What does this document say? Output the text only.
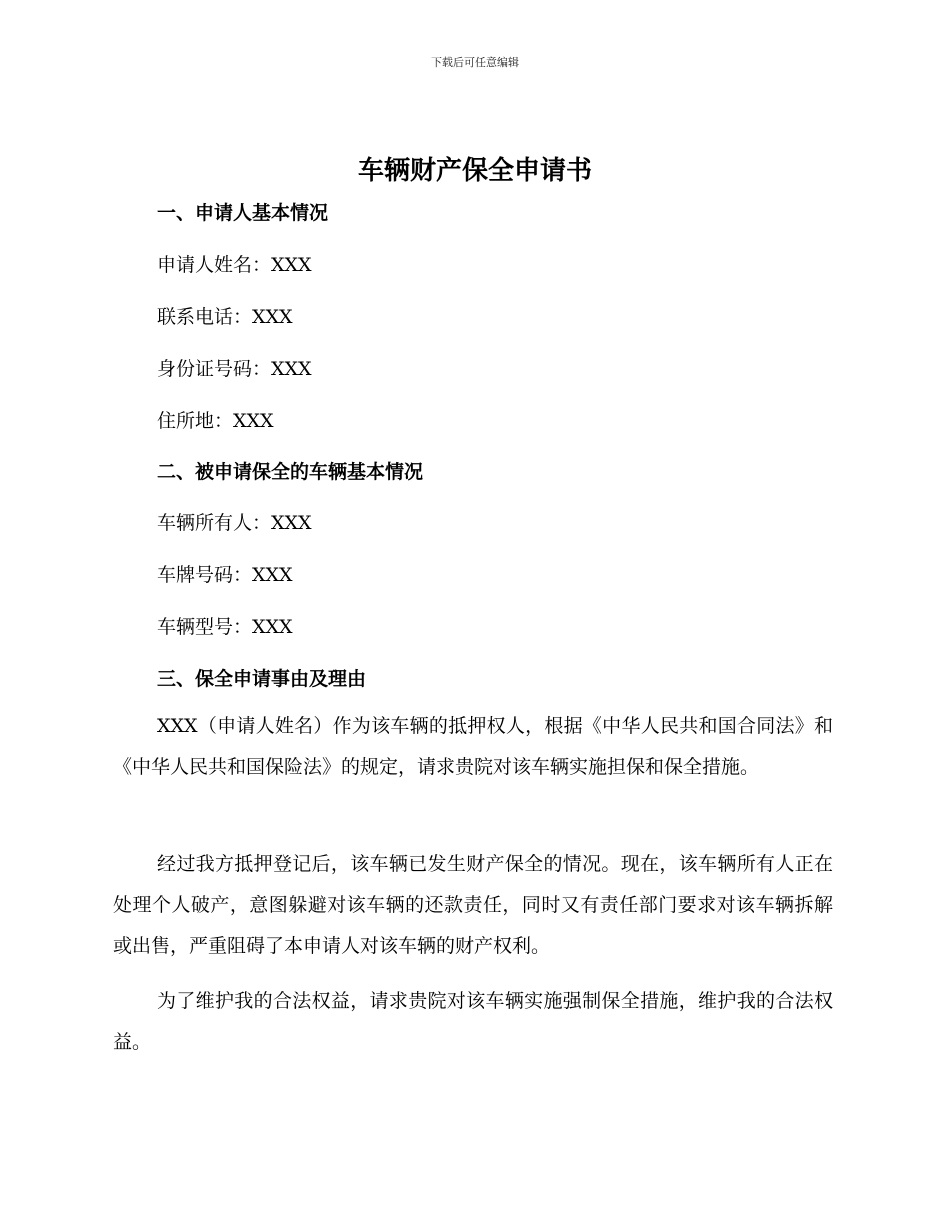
下载后可任意编辑
车辆财产保全申请书
一、申请人基本情况

申请人姓名：XXX

联系电话：XXX

身份证号码：XXX

住所地：XXX

二、被申请保全的车辆基本情况

车辆所有人：XXX

车牌号码：XXX

车辆型号：XXX

三、保全申请事由及理由

XXX（申请人姓名）作为该车辆的抵押权人，根据《中华人民共和国合同法》和《中华人民共和国保险法》的规定，请求贵院对该车辆实施担保和保全措施。

经过我方抵押登记后，该车辆已发生财产保全的情况。现在，该车辆所有人正在处理个人破产，意图躲避对该车辆的还款责任，同时又有责任部门要求对该车辆拆解或出售，严重阻碍了本申请人对该车辆的财产权利。

为了维护我的合法权益，请求贵院对该车辆实施强制保全措施，维护我的合法权益。
